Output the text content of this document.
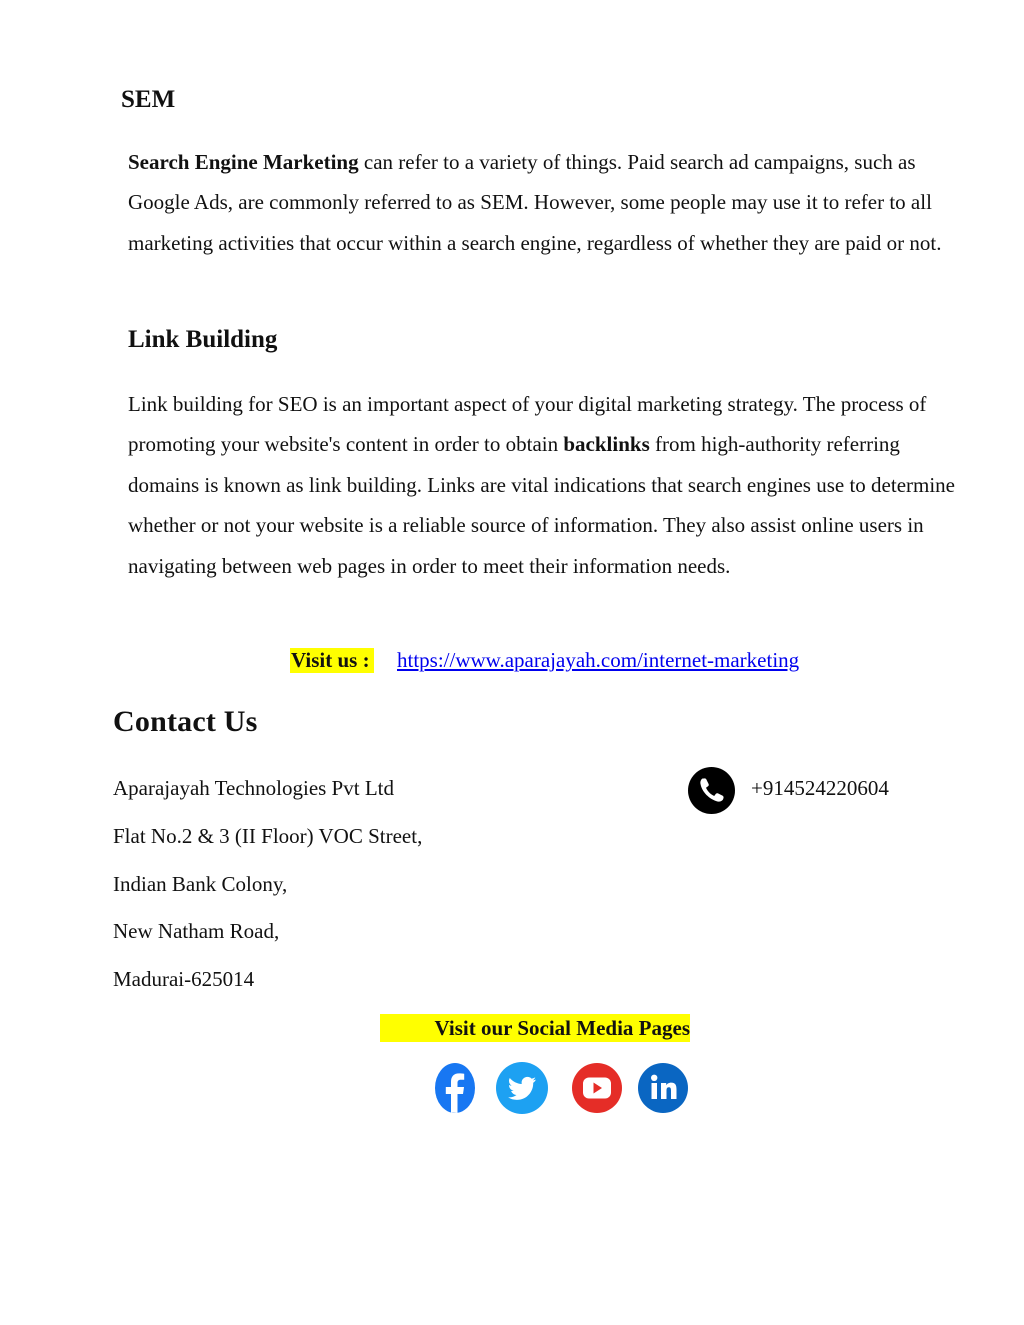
SEM

Search Engine Marketing can refer to a variety of things. Paid search ad campaigns, such as Google Ads, are commonly referred to as SEM. However, some people may use it to refer to all marketing activities that occur within a search engine, regardless of whether they are paid or not.

Link Building

Link building for SEO is an important aspect of your digital marketing strategy. The process of promoting your website's content in order to obtain backlinks from high-authority referring domains is known as link building. Links are vital indications that search engines use to determine whether or not your website is a reliable source of information. They also assist online users in navigating between web pages in order to meet their information needs.

Visit us : https://www.aparajayah.com/internet-marketing
Contact Us
Aparajayah Technologies Pvt Ltd
Flat No.2 & 3 (II Floor) VOC Street,
Indian Bank Colony,
New Natham Road,
Madurai-625014
+914524220604
Visit our Social Media Pages
